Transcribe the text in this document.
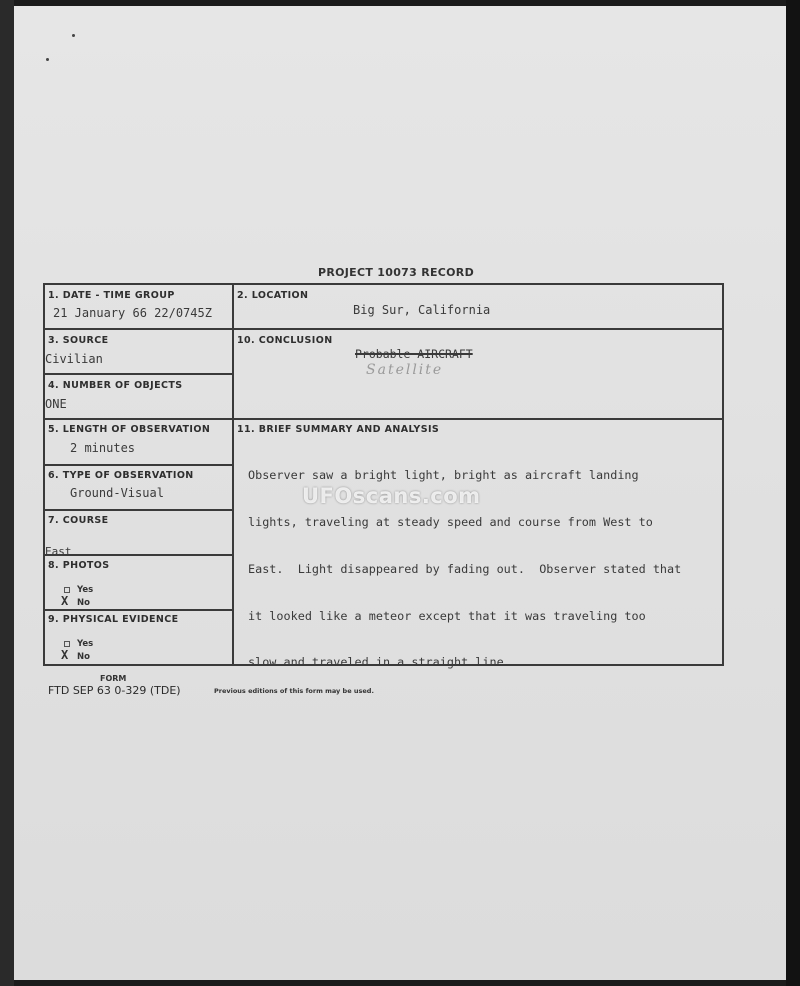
PROJECT 10073 RECORD
1. DATE - TIME GROUP
21 January 66 22/0745Z
2. LOCATION
Big Sur, California
3. SOURCE
Civilian
4. NUMBER OF OBJECTS
ONE
5. LENGTH OF OBSERVATION
2 minutes
6. TYPE OF OBSERVATION
Ground-Visual
7. COURSE
East
8. PHOTOS
Yes
X No
9. PHYSICAL EVIDENCE
Yes
X No
10. CONCLUSION
Probable AIRCRAFT
Satellite
11. BRIEF SUMMARY AND ANALYSIS

Observer saw a bright light, bright as aircraft landing

lights, traveling at steady speed and course from West to

East.  Light disappeared by fading out.  Observer stated that

it looked like a meteor except that it was traveling too

slow and traveled in a straight line.

UFOscans.com
FORM
FTD SEP 63 0-329 (TDE)	Previous editions of this form may be used.
